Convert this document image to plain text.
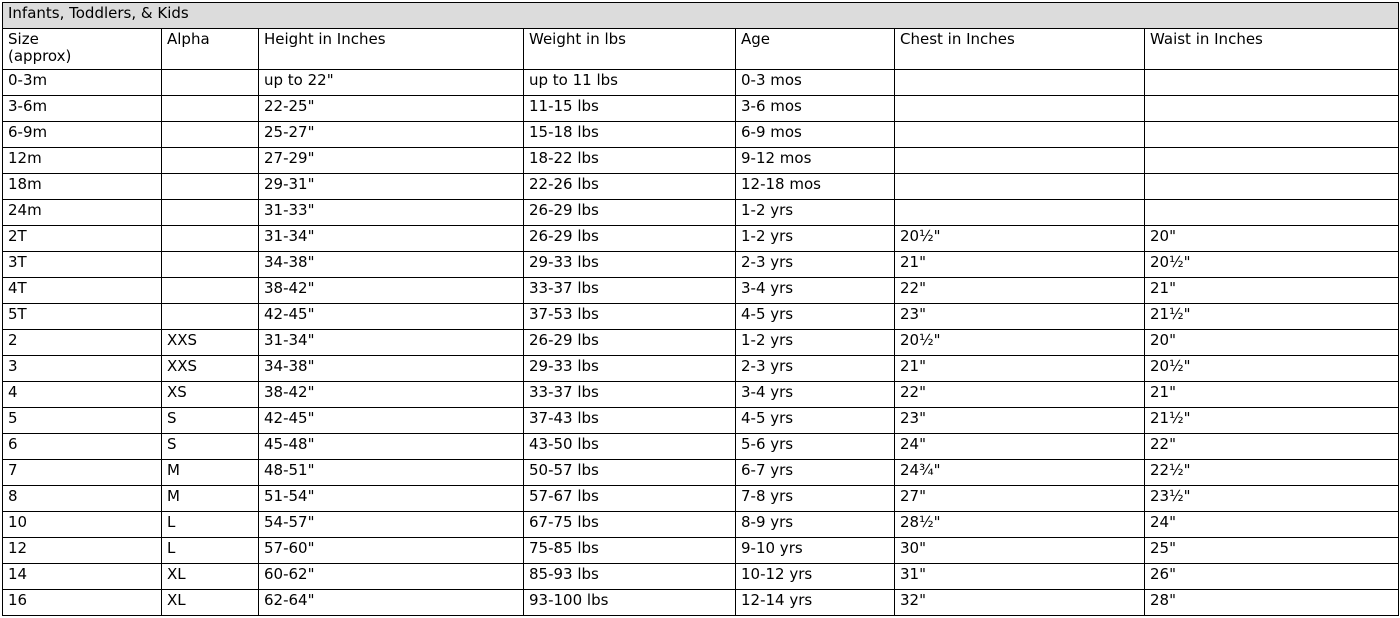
Infants, Toddlers, & Kids						
Size
(approx)	Alpha	Height in Inches	Weight in lbs	Age	Chest in Inches	Waist in Inches
0-3m		up to 22"	up to 11 lbs	0-3 mos		
3-6m		22-25"	11-15 lbs	3-6 mos		
6-9m		25-27"	15-18 lbs	6-9 mos		
12m		27-29"	18-22 lbs	9-12 mos		
18m		29-31"	22-26 lbs	12-18 mos		
24m		31-33"	26-29 lbs	1-2 yrs		
2T		31-34"	26-29 lbs	1-2 yrs	20½"	20"
3T		34-38"	29-33 lbs	2-3 yrs	21"	20½"
4T		38-42"	33-37 lbs	3-4 yrs	22"	21"
5T		42-45"	37-53 lbs	4-5 yrs	23"	21½"
2	XXS	31-34"	26-29 lbs	1-2 yrs	20½"	20"
3	XXS	34-38"	29-33 lbs	2-3 yrs	21"	20½"
4	XS	38-42"	33-37 lbs	3-4 yrs	22"	21"
5	S	42-45"	37-43 lbs	4-5 yrs	23"	21½"
6	S	45-48"	43-50 lbs	5-6 yrs	24"	22"
7	M	48-51"	50-57 lbs	6-7 yrs	24¾"	22½"
8	M	51-54"	57-67 lbs	7-8 yrs	27"	23½"
10	L	54-57"	67-75 lbs	8-9 yrs	28½"	24"
12	L	57-60"	75-85 lbs	9-10 yrs	30"	25"
14	XL	60-62"	85-93 lbs	10-12 yrs	31"	26"
16	XL	62-64"	93-100 lbs	12-14 yrs	32"	28"
